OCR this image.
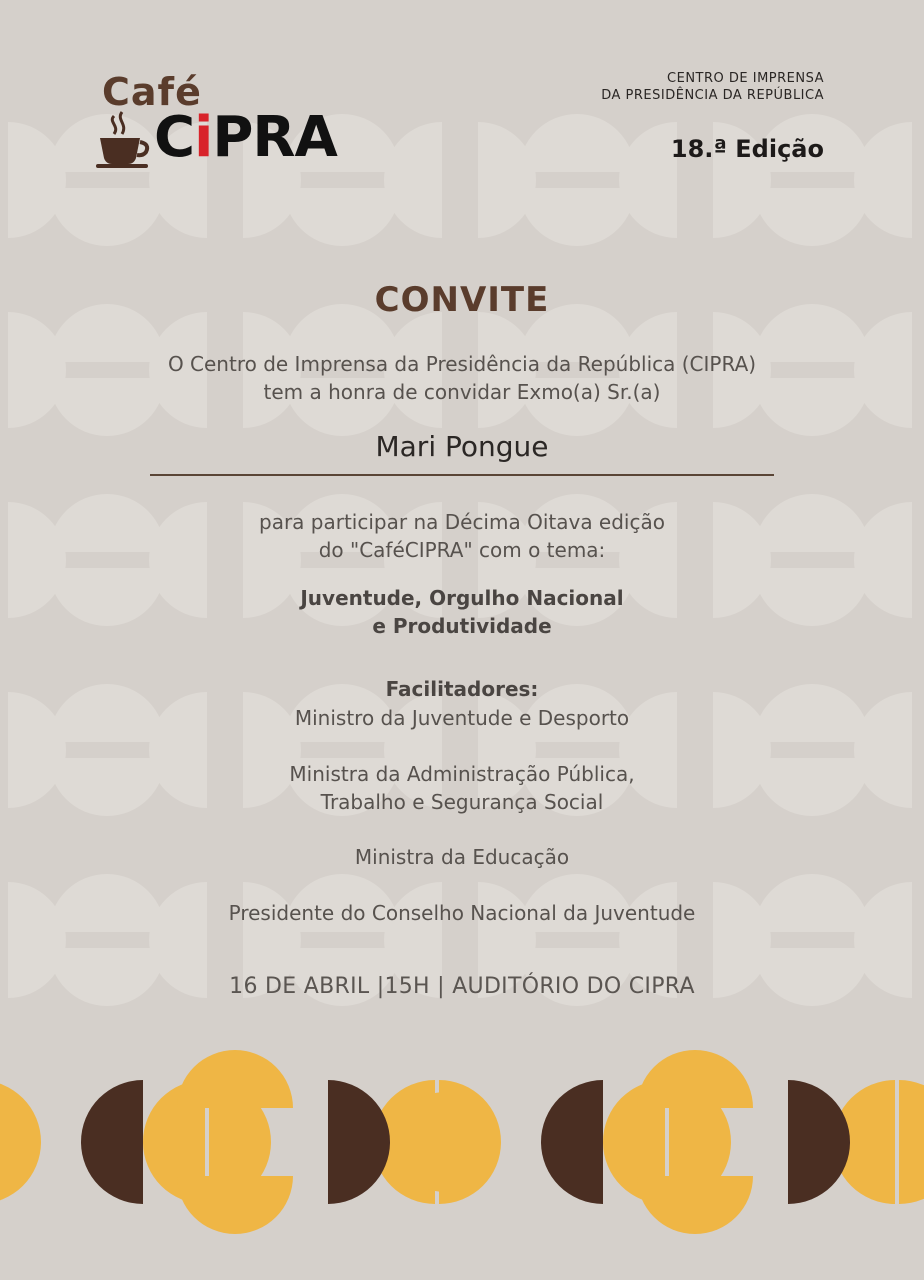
Café
CiPRA
CENTRO DE IMPRENSA
DA PRESIDÊNCIA DA REPÚBLICA
18.ª Edição
CONVITE
O Centro de Imprensa da Presidência da República (CIPRA)
tem a honra de convidar Exmo(a) Sr.(a)
Mari Pongue
para participar na Décima Oitava edição
do "CaféCIPRA" com o tema:
Juventude, Orgulho Nacional
e Produtividade
Facilitadores:
Ministro da Juventude e Desporto
Ministra da Administração Pública,
Trabalho e Segurança Social
Ministra da Educação
Presidente do Conselho Nacional da Juventude
16 DE ABRIL |15H | AUDITÓRIO DO CIPRA
